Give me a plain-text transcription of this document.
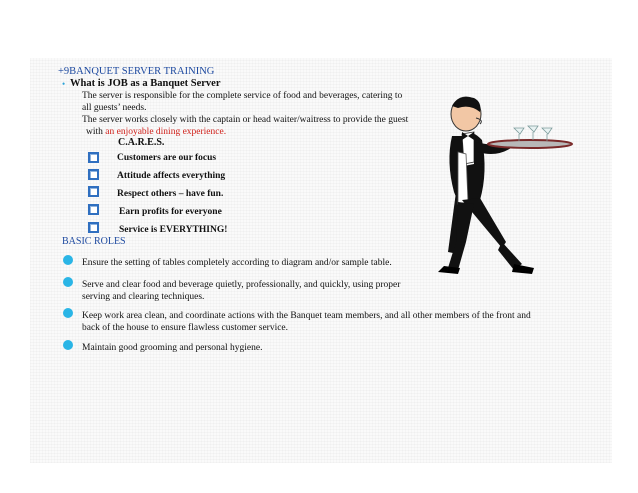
+9BANQUET SERVER TRAINING
• What is JOB as a Banquet Server
The server is responsible for the complete service of food and beverages, catering to
all guests’ needs.
The server works closely with the captain or head waiter/waitress to provide the guest
with an enjoyable dining experience.
C.A.R.E.S.
Customers are our focus
Attitude affects everything
Respect others – have fun.
Earn profits for everyone
Service is EVERYTHING!
BASIC ROLES
Ensure the setting of tables completely according to diagram and/or sample table.
Serve and clear food and beverage quietly, professionally, and quickly, using proper
serving and clearing techniques.
Keep work area clean, and coordinate actions with the Banquet team members, and all other members of the front and
back of the house to ensure flawless customer service.
Maintain good grooming and personal hygiene.
